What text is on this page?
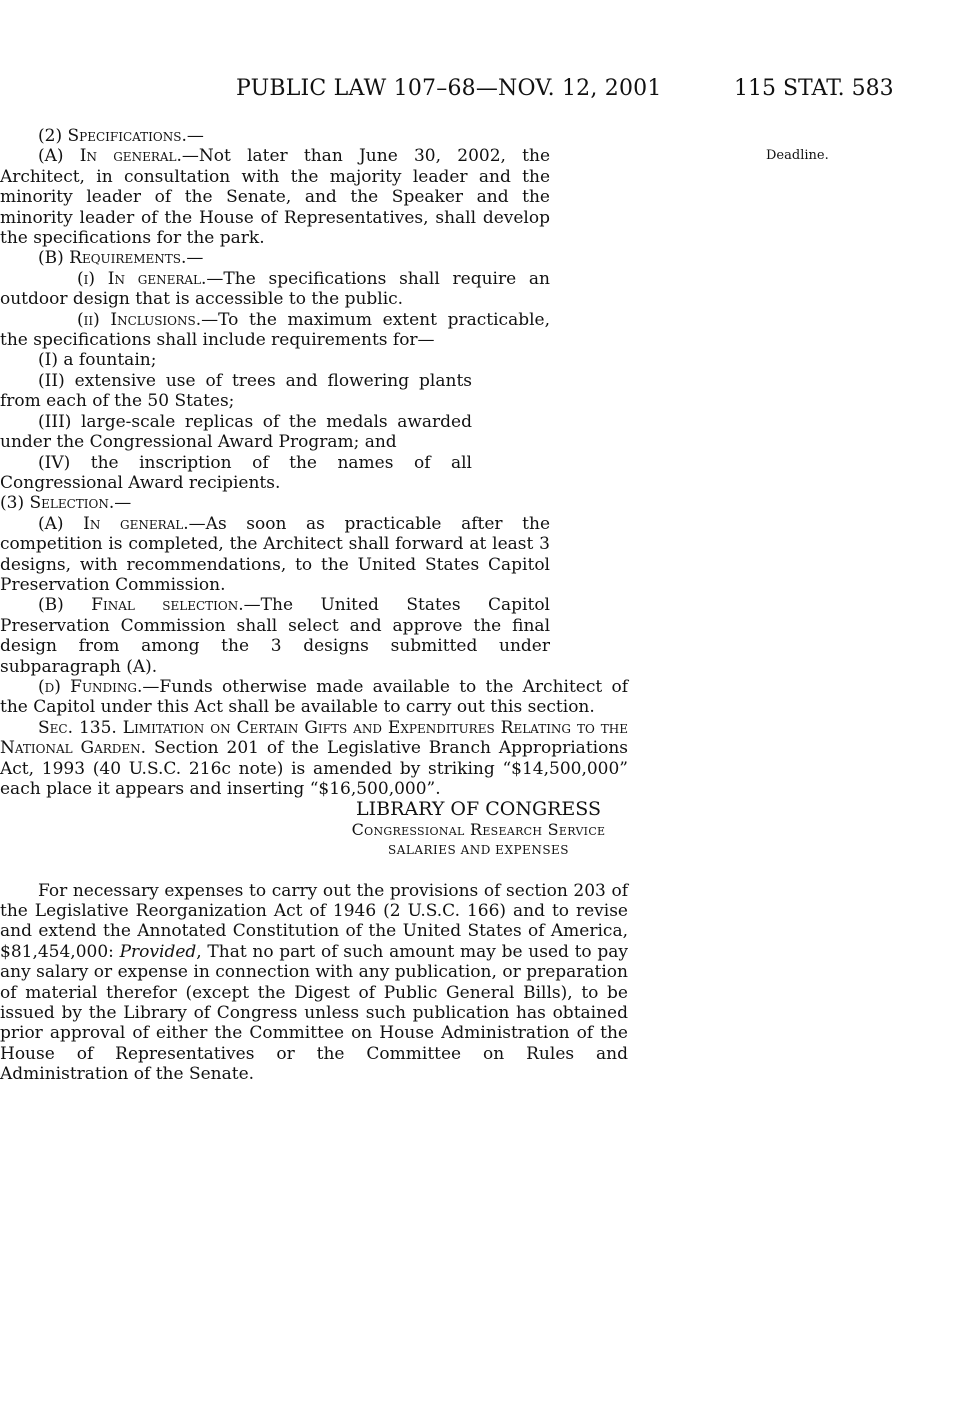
PUBLIC LAW 107–68—NOV. 12, 2001	115 STAT. 583
Deadline.

(2) Specifications.—

(A) In general.—Not later than June 30, 2002, the Architect, in consultation with the majority leader and the minority leader of the Senate, and the Speaker and the minority leader of the House of Representatives, shall develop the specifications for the park.

(B) Requirements.—

(i) In general.—The specifications shall require an outdoor design that is accessible to the public.

(ii) Inclusions.—To the maximum extent practicable, the specifications shall include requirements for—

(I) a fountain;

(II) extensive use of trees and flowering plants from each of the 50 States;

(III) large-scale replicas of the medals awarded under the Congressional Award Program; and

(IV) the inscription of the names of all Congressional Award recipients.

(3) Selection.—

(A) In general.—As soon as practicable after the competition is completed, the Architect shall forward at least 3 designs, with recommendations, to the United States Capitol Preservation Commission.

(B) Final selection.—The United States Capitol Preservation Commission shall select and approve the final design from among the 3 designs submitted under subparagraph (A).

(d) Funding.—Funds otherwise made available to the Architect of the Capitol under this Act shall be available to carry out this section.

Sec. 135. Limitation on Certain Gifts and Expenditures Relating to the National Garden. Section 201 of the Legislative Branch Appropriations Act, 1993 (40 U.S.C. 216c note) is amended by striking “$14,500,000” each place it appears and inserting “$16,500,000”.

LIBRARY OF CONGRESS

Congressional Research Service

SALARIES AND EXPENSES

For necessary expenses to carry out the provisions of section 203 of the Legislative Reorganization Act of 1946 (2 U.S.C. 166) and to revise and extend the Annotated Constitution of the United States of America, $81,454,000: Provided, That no part of such amount may be used to pay any salary or expense in connection with any publication, or preparation of material therefor (except the Digest of Public General Bills), to be issued by the Library of Congress unless such publication has obtained prior approval of either the Committee on House Administration of the House of Representatives or the Committee on Rules and Administration of the Senate.
